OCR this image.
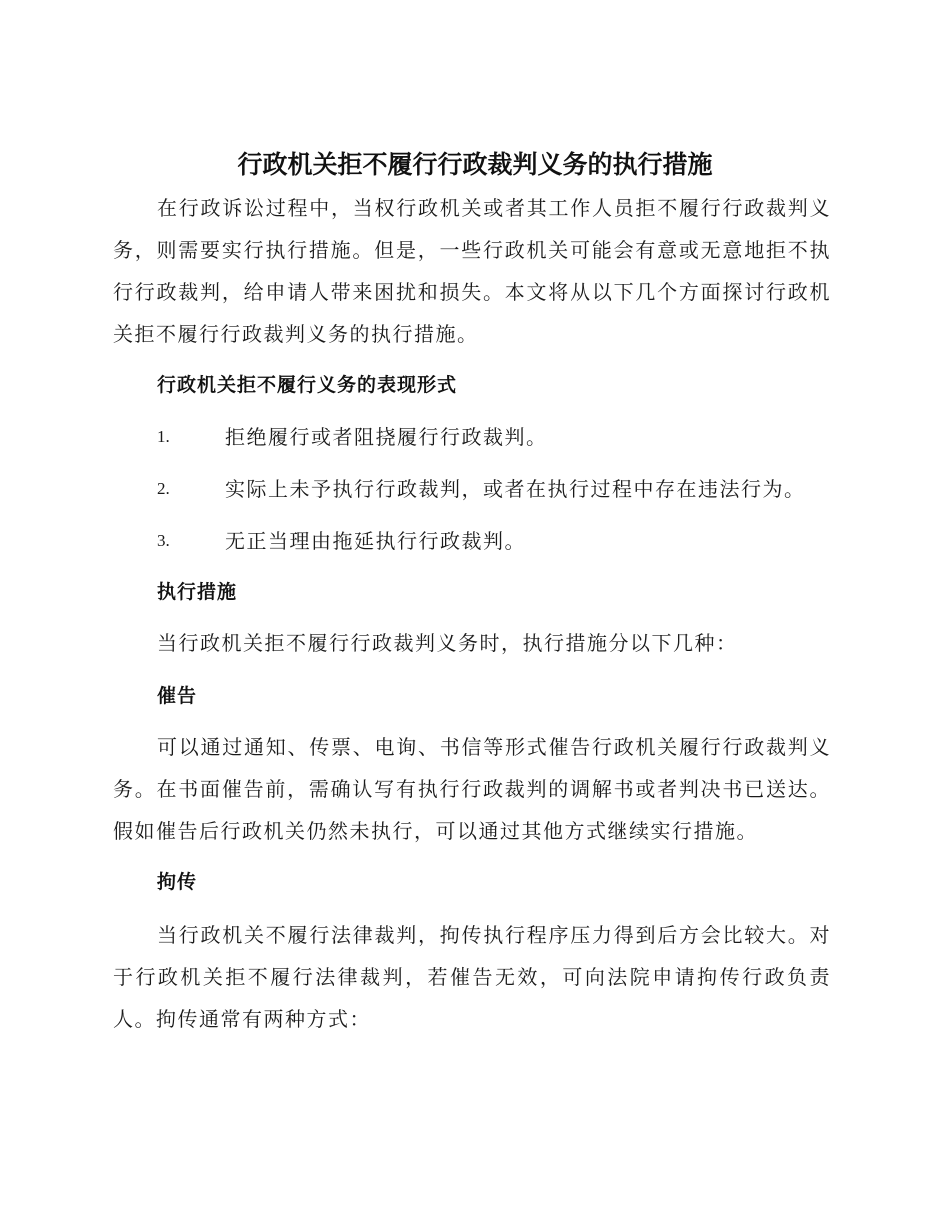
行政机关拒不履行行政裁判义务的执行措施

在行政诉讼过程中，当权行政机关或者其工作人员拒不履行行政裁判义务，则需要实行执行措施。但是，一些行政机关可能会有意或无意地拒不执行行政裁判，给申请人带来困扰和损失。本文将从以下几个方面探讨行政机关拒不履行行政裁判义务的执行措施。

行政机关拒不履行义务的表现形式
1.	拒绝履行或者阻挠履行行政裁判。
2.	实际上未予执行行政裁判，或者在执行过程中存在违法行为。
3.	无正当理由拖延执行行政裁判。
执行措施

当行政机关拒不履行行政裁判义务时，执行措施分以下几种：

催告

可以通过通知、传票、电询、书信等形式催告行政机关履行行政裁判义务。在书面催告前，需确认写有执行行政裁判的调解书或者判决书已送达。假如催告后行政机关仍然未执行，可以通过其他方式继续实行措施。

拘传

当行政机关不履行法律裁判，拘传执行程序压力得到后方会比较大。对于行政机关拒不履行法律裁判，若催告无效，可向法院申请拘传行政负责人。拘传通常有两种方式：
